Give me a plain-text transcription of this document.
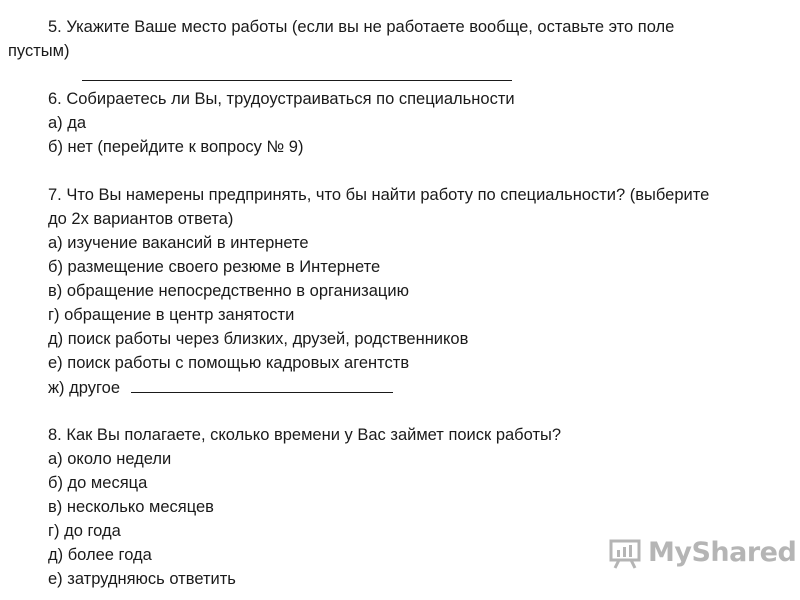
5. Укажите Ваше место работы (если вы не работаете вообще, оставьте это поле
пустым)
6. Собираетесь ли Вы, трудоустраиваться по специальности
а) да
б) нет (перейдите к вопросу № 9)
7. Что Вы намерены предпринять, что бы найти работу по специальности? (выберите
до 2х вариантов ответа)
а) изучение вакансий в интернете
б) размещение своего резюме в Интернете
в) обращение непосредственно в организацию
г) обращение в центр занятости
д) поиск работы через близких, друзей, родственников
е) поиск работы с помощью кадровых агентств
ж) другое
8. Как Вы полагаете, сколько времени у Вас займет поиск работы?
а) около недели
б) до месяца
в) несколько месяцев
г) до года
д) более года
е) затрудняюсь ответить
MyShared
